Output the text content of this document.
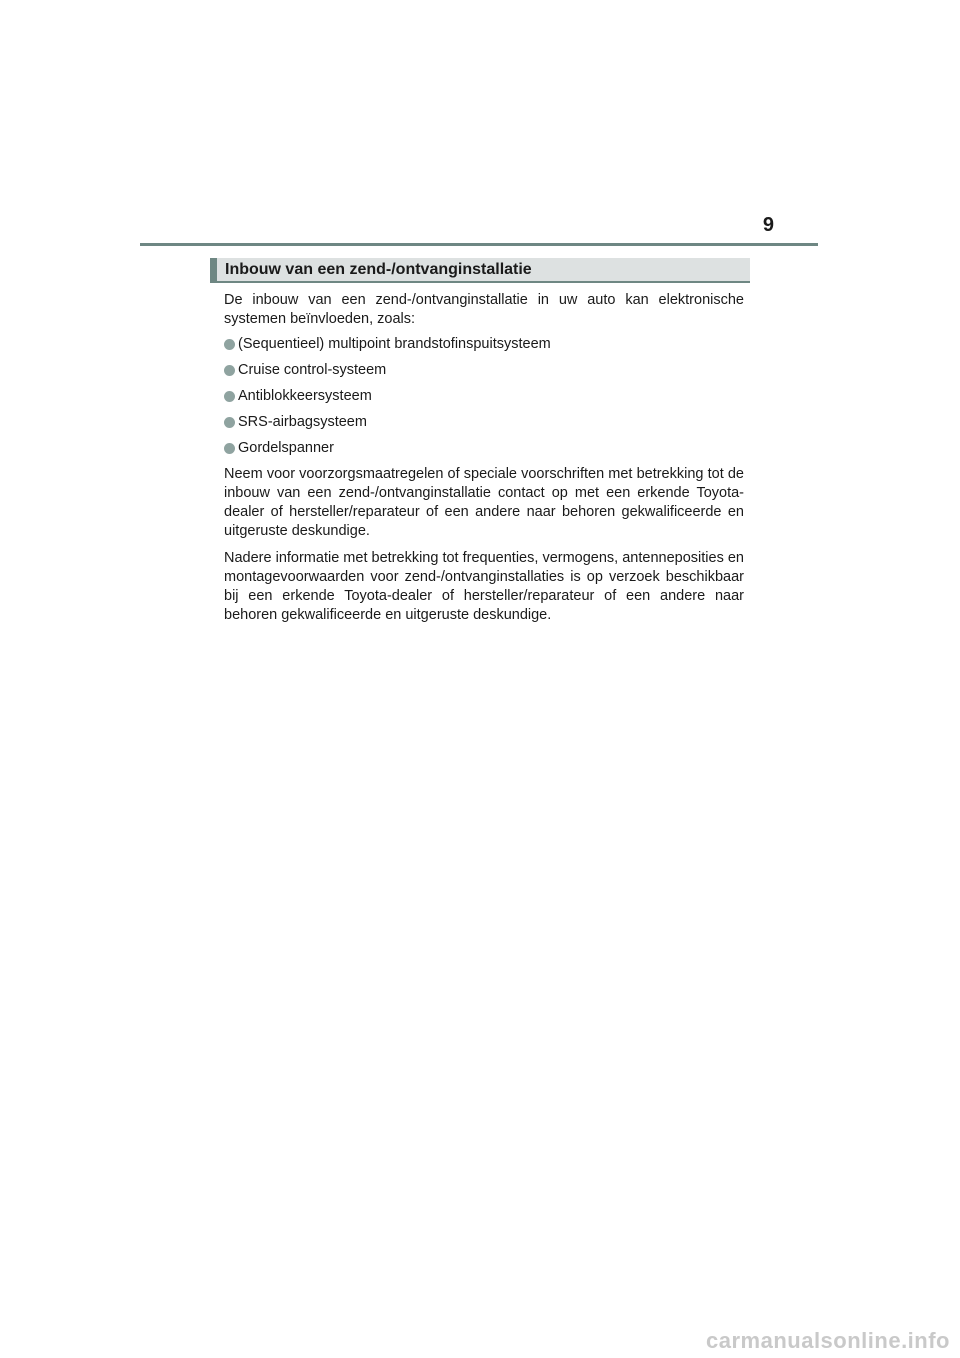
9
Inbouw van een zend-/ontvanginstallatie

De inbouw van een zend-/ontvanginstallatie in uw auto kan elektronische systemen beïnvloeden, zoals:

(Sequentieel) multipoint brandstofinspuitsysteem
Cruise control-systeem
Antiblokkeersysteem
SRS-airbagsysteem
Gordelspanner

Neem voor voorzorgsmaatregelen of speciale voorschriften met betrekking tot de inbouw van een zend-/ontvanginstallatie contact op met een erkende Toyota-dealer of hersteller/reparateur of een andere naar behoren gekwalificeerde en uitgeruste deskundige.

Nadere informatie met betrekking tot frequenties, vermogens, antenneposities en montagevoorwaarden voor zend-/ontvanginstallaties is op verzoek beschikbaar bij een erkende Toyota-dealer of hersteller/reparateur of een andere naar behoren gekwalificeerde en uitgeruste deskundige.

carmanualsonline.info
